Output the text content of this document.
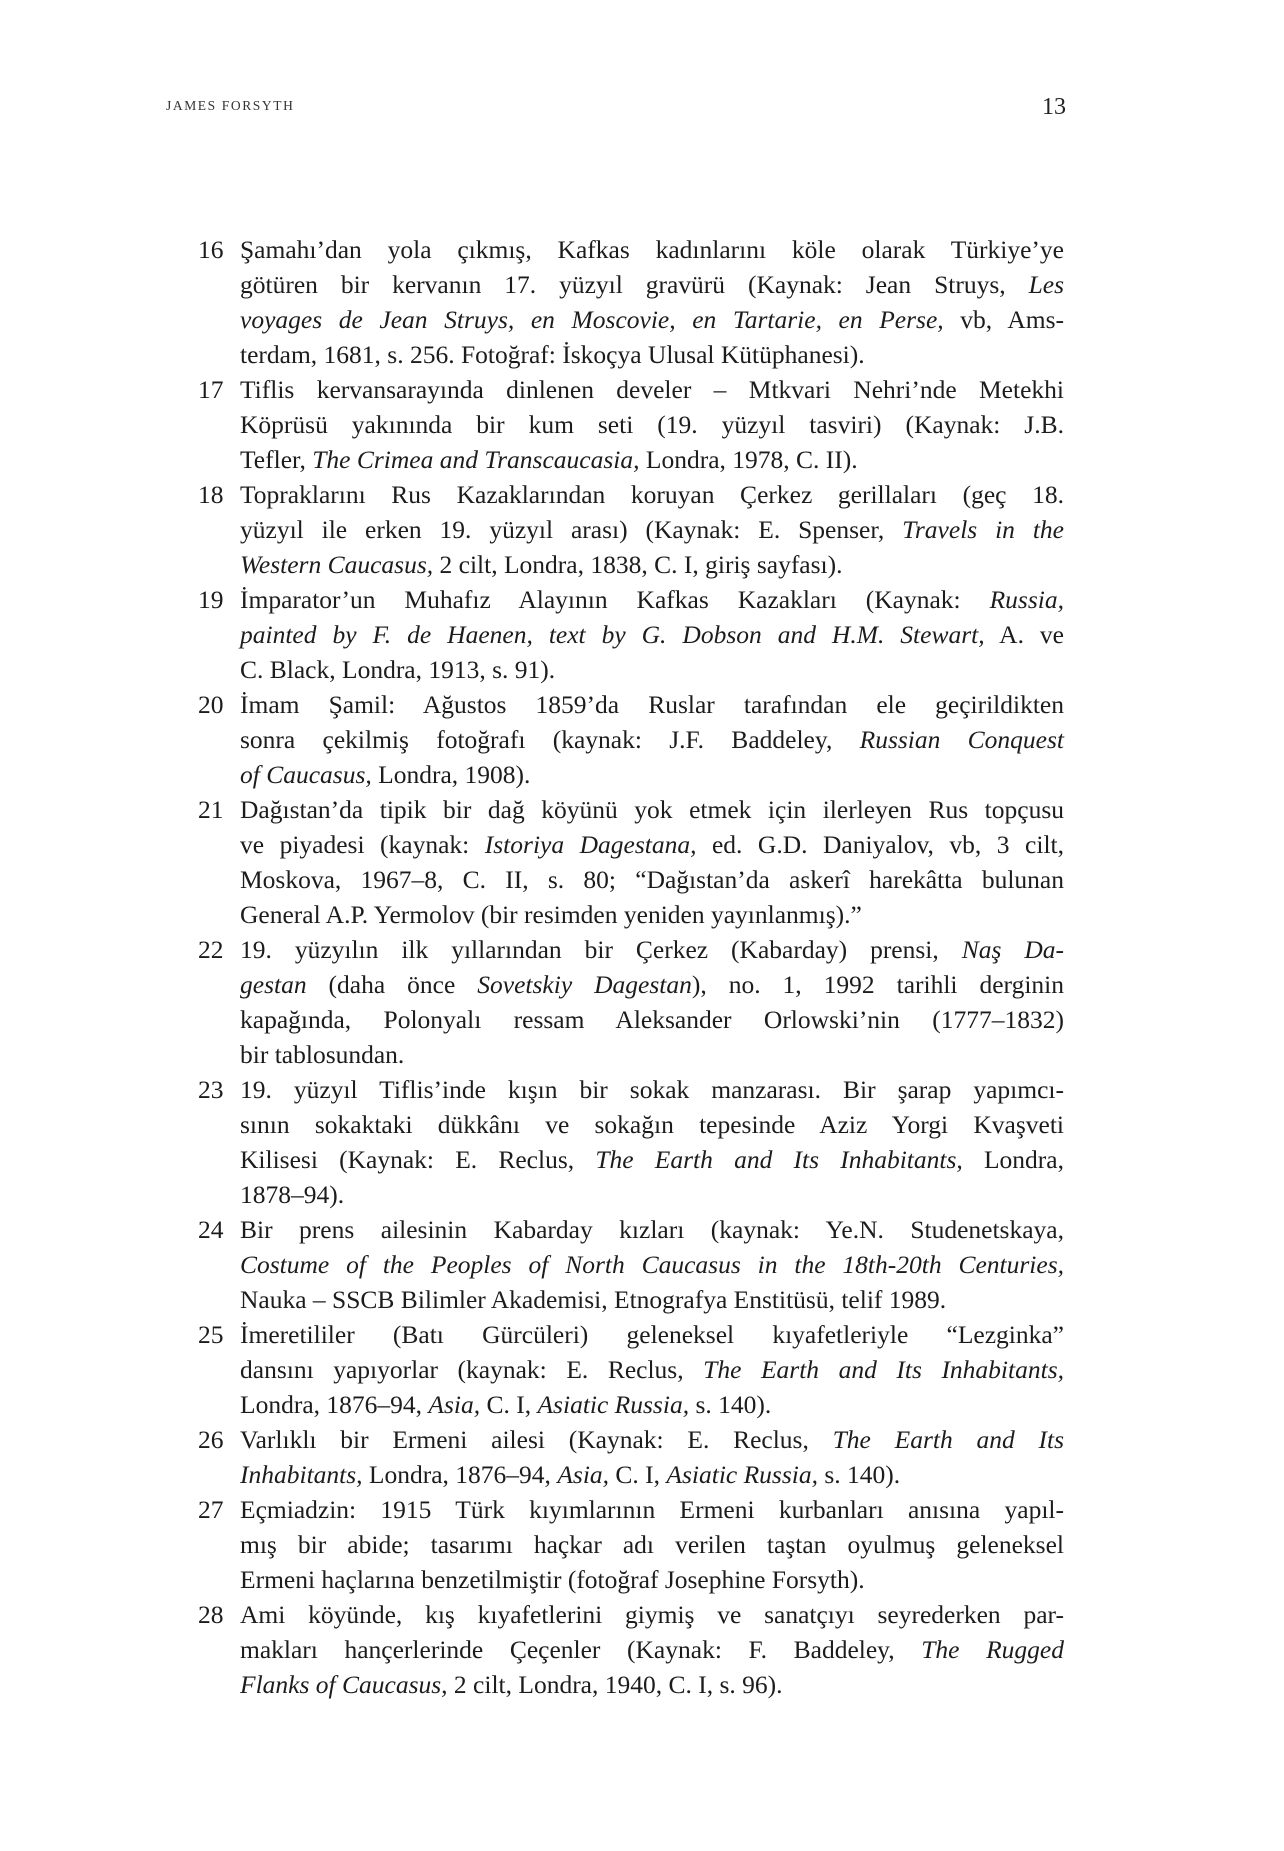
JAMES FORSYTH	13
16 Şamahı’dan yola çıkmış, Kafkas kadınlarını köle olarak Türkiye’ye
götüren bir kervanın 17. yüzyıl gravürü (Kaynak: Jean Struys, Les
voyages de Jean Struys, en Moscovie, en Tartarie, en Perse, vb, Ams-
terdam, 1681, s. 256. Fotoğraf: İskoçya Ulusal Kütüphanesi).
17 Tiflis kervansarayında dinlenen develer – Mtkvari Nehri’nde Metekhi
Köprüsü yakınında bir kum seti (19. yüzyıl tasviri) (Kaynak: J.B.
Tefler, The Crimea and Transcaucasia, Londra, 1978, C. II).
18 Topraklarını Rus Kazaklarından koruyan Çerkez gerillaları (geç 18.
yüzyıl ile erken 19. yüzyıl arası) (Kaynak: E. Spenser, Travels in the
Western Caucasus, 2 cilt, Londra, 1838, C. I, giriş sayfası).
19 İmparator’un Muhafız Alayının Kafkas Kazakları (Kaynak: Russia,
painted by F. de Haenen, text by G. Dobson and H.M. Stewart, A. ve
C. Black, Londra, 1913, s. 91).
20 İmam Şamil: Ağustos 1859’da Ruslar tarafından ele geçirildikten
sonra çekilmiş fotoğrafı (kaynak: J.F. Baddeley, Russian Conquest
of Caucasus, Londra, 1908).
21 Dağıstan’da tipik bir dağ köyünü yok etmek için ilerleyen Rus topçusu
ve piyadesi (kaynak: Istoriya Dagestana, ed. G.D. Daniyalov, vb, 3 cilt,
Moskova, 1967–8, C. II, s. 80; “Dağıstan’da askerî harekâtta bulunan
General A.P. Yermolov (bir resimden yeniden yayınlanmış).”
22 19. yüzyılın ilk yıllarından bir Çerkez (Kabarday) prensi, Naş Da-
gestan (daha önce Sovetskiy Dagestan), no. 1, 1992 tarihli derginin
kapağında, Polonyalı ressam Aleksander Orlowski’nin (1777–1832)
bir tablosundan.
23 19. yüzyıl Tiflis’inde kışın bir sokak manzarası. Bir şarap yapımcı-
sının sokaktaki dükkânı ve sokağın tepesinde Aziz Yorgi Kvaşveti
Kilisesi (Kaynak: E. Reclus, The Earth and Its Inhabitants, Londra,
1878–94).
24 Bir prens ailesinin Kabarday kızları (kaynak: Ye.N. Studenetskaya,
Costume of the Peoples of North Caucasus in the 18th-20th Centuries,
Nauka – SSCB Bilimler Akademisi, Etnografya Enstitüsü, telif 1989.
25 İmeretililer (Batı Gürcüleri) geleneksel kıyafetleriyle “Lezginka”
dansını yapıyorlar (kaynak: E. Reclus, The Earth and Its Inhabitants,
Londra, 1876–94, Asia, C. I, Asiatic Russia, s. 140).
26 Varlıklı bir Ermeni ailesi (Kaynak: E. Reclus, The Earth and Its
Inhabitants, Londra, 1876–94, Asia, C. I, Asiatic Russia, s. 140).
27 Eçmiadzin: 1915 Türk kıyımlarının Ermeni kurbanları anısına yapıl-
mış bir abide; tasarımı haçkar adı verilen taştan oyulmuş geleneksel
Ermeni haçlarına benzetilmiştir (fotoğraf Josephine Forsyth).
28 Ami köyünde, kış kıyafetlerini giymiş ve sanatçıyı seyrederken par-
makları hançerlerinde Çeçenler (Kaynak: F. Baddeley, The Rugged
Flanks of Caucasus, 2 cilt, Londra, 1940, C. I, s. 96).
